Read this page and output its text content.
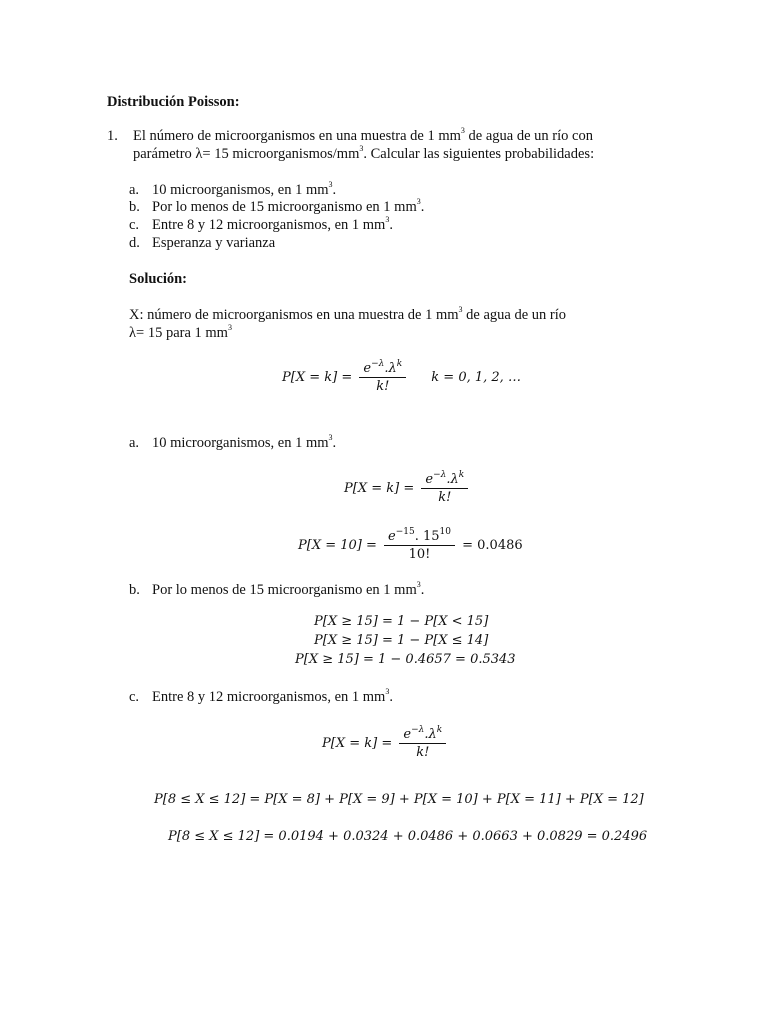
Distribución Poisson:
1. El número de microorganismos en una muestra de 1 $mm^3$ de agua de un río con
parámetro λ= 15 microorganismos/$mm^3$. Calcular las siguientes probabilidades:
a. 10 microorganismos, en 1 $mm^3$.
b. Por lo menos de 15 microorganismo en 1 $mm^3$.
c. Entre 8 y 12 microorganismos, en 1 $mm^3$.
d. Esperanza y varianza
Solución:
X: número de microorganismos en una muestra de 1 $mm^3$ de agua de un río
λ= 15 para 1 $mm^3$
$P[X = k] = \frac{e^{-\lambda}.\lambda^k}{k!}$ k = 0, 1, 2, …
a. 10 microorganismos, en 1 $mm^3$.
$P[X = k] = \frac{e^{-\lambda}.\lambda^k}{k!}$
$P[X = 10] = \frac{e^{-15}. 15^{10}}{10!} = 0.0486$
b. Por lo menos de 15 microorganismo en 1 $mm^3$.
P[X ≥ 15] = 1 − P[X < 15]
P[X ≥ 15] = 1 − P[X ≤ 14]
P[X ≥ 15] = 1 − 0.4657 = 0.5343
c. Entre 8 y 12 microorganismos, en 1 $mm^3$.
$P[X = k] = \frac{e^{-\lambda}.\lambda^k}{k!}$
P[8 ≤ X ≤ 12] = P[X = 8] + P[X = 9] + P[X = 10] + P[X = 11] + P[X = 12]
P[8 ≤ X ≤ 12] = 0.0194 + 0.0324 + 0.0486 + 0.0663 + 0.0829 = 0.2496
